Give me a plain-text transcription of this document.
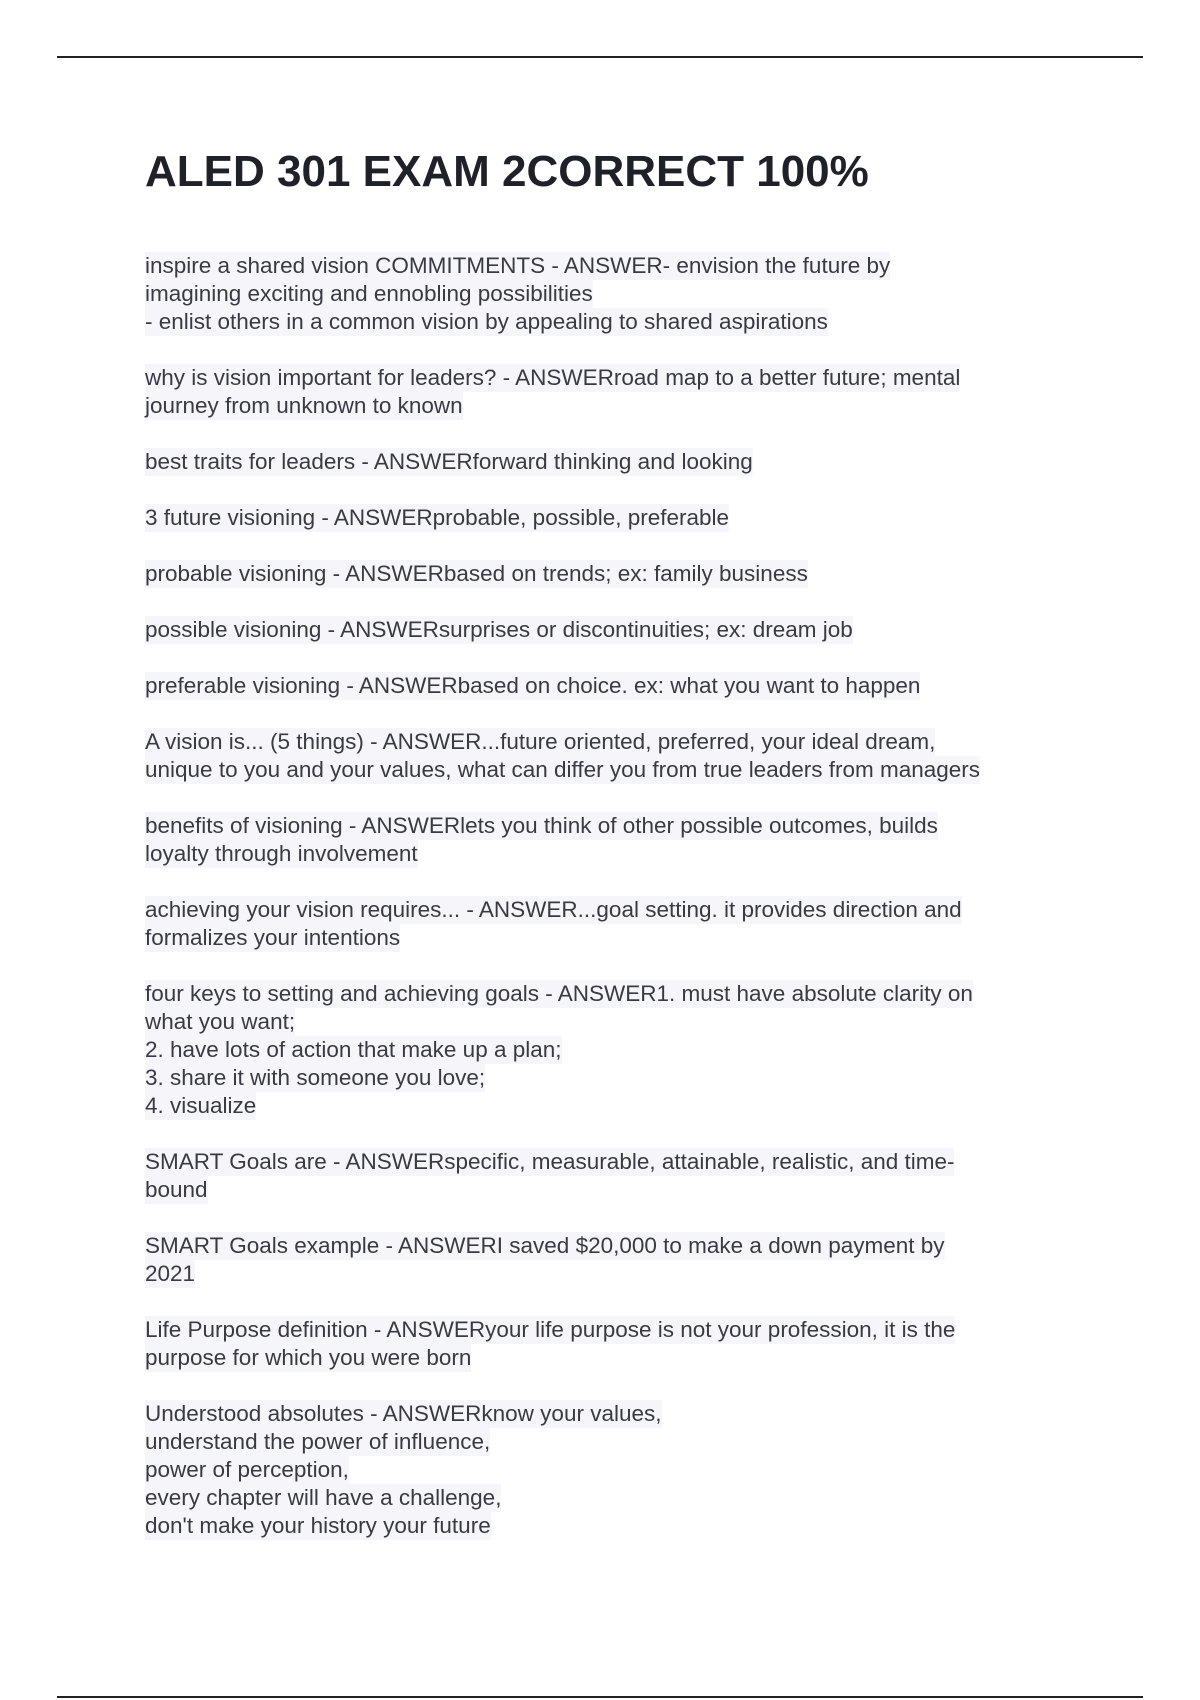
ALED 301 EXAM 2CORRECT 100%
inspire a shared vision COMMITMENTS - ANSWER- envision the future by
imagining exciting and ennobling possibilities
- enlist others in a common vision by appealing to shared aspirations
why is vision important for leaders? - ANSWERroad map to a better future; mental
journey from unknown to known
best traits for leaders - ANSWERforward thinking and looking
3 future visioning - ANSWERprobable, possible, preferable
probable visioning - ANSWERbased on trends; ex: family business
possible visioning - ANSWERsurprises or discontinuities; ex: dream job
preferable visioning - ANSWERbased on choice. ex: what you want to happen
A vision is... (5 things) - ANSWER...future oriented, preferred, your ideal dream,
unique to you and your values, what can differ you from true leaders from managers
benefits of visioning - ANSWERlets you think of other possible outcomes, builds
loyalty through involvement
achieving your vision requires... - ANSWER...goal setting. it provides direction and
formalizes your intentions
four keys to setting and achieving goals - ANSWER1. must have absolute clarity on
what you want;
2. have lots of action that make up a plan;
3. share it with someone you love;
4. visualize
SMART Goals are - ANSWERspecific, measurable, attainable, realistic, and time-
bound
SMART Goals example - ANSWERI saved $20,000 to make a down payment by
2021
Life Purpose definition - ANSWERyour life purpose is not your profession, it is the
purpose for which you were born
Understood absolutes - ANSWERknow your values,
understand the power of influence,
power of perception,
every chapter will have a challenge,
don't make your history your future
